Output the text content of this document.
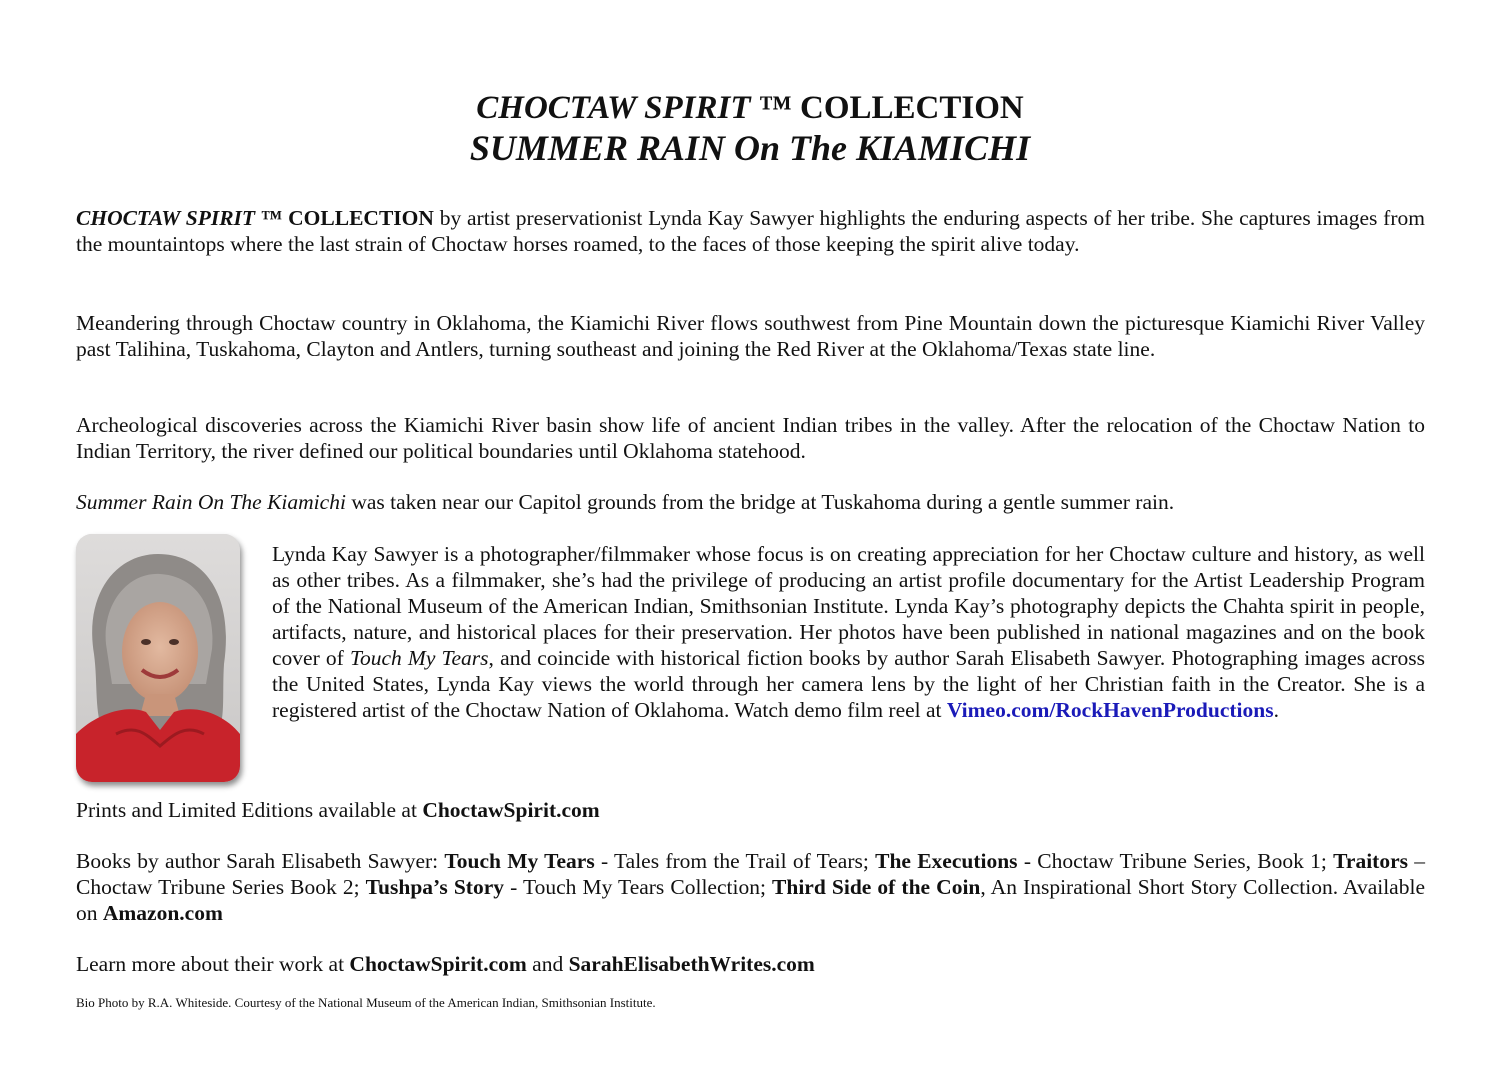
CHOCTAW SPIRIT ™ COLLECTION
SUMMER RAIN On The KIAMICHI

CHOCTAW SPIRIT ™ COLLECTION by artist preservationist Lynda Kay Sawyer highlights the enduring aspects of her tribe. She captures images from the mountaintops where the last strain of Choctaw horses roamed, to the faces of those keeping the spirit alive today.

Meandering through Choctaw country in Oklahoma, the Kiamichi River flows southwest from Pine Mountain down the picturesque Kiamichi River Valley past Talihina, Tuskahoma, Clayton and Antlers, turning southeast and joining the Red River at the Oklahoma/Texas state line.

Archeological discoveries across the Kiamichi River basin show life of ancient Indian tribes in the valley. After the relocation of the Choctaw Nation to Indian Territory, the river defined our political boundaries until Oklahoma statehood.

Summer Rain On The Kiamichi was taken near our Capitol grounds from the bridge at Tuskahoma during a gentle summer rain.

Lynda Kay Sawyer is a photographer/filmmaker whose focus is on creating appreciation for her Choctaw culture and history, as well as other tribes. As a filmmaker, she’s had the privilege of producing an artist profile documentary for the Artist Leadership Program of the National Museum of the American Indian, Smithsonian Institute. Lynda Kay’s photography depicts the Chahta spirit in people, artifacts, nature, and historical places for their preservation. Her photos have been published in national magazines and on the book cover of Touch My Tears, and coincide with historical fiction books by author Sarah Elisabeth Sawyer. Photographing images across the United States, Lynda Kay views the world through her camera lens by the light of her Christian faith in the Creator. She is a registered artist of the Choctaw Nation of Oklahoma. Watch demo film reel at Vimeo.com/RockHavenProductions.

Prints and Limited Editions available at ChoctawSpirit.com

Books by author Sarah Elisabeth Sawyer: Touch My Tears - Tales from the Trail of Tears; The Executions - Choctaw Tribune Series, Book 1; Traitors – Choctaw Tribune Series Book 2; Tushpa’s Story - Touch My Tears Collection; Third Side of the Coin, An Inspirational Short Story Collection. Available on Amazon.com

Learn more about their work at ChoctawSpirit.com and SarahElisabethWrites.com

Bio Photo by R.A. Whiteside. Courtesy of the National Museum of the American Indian, Smithsonian Institute.
